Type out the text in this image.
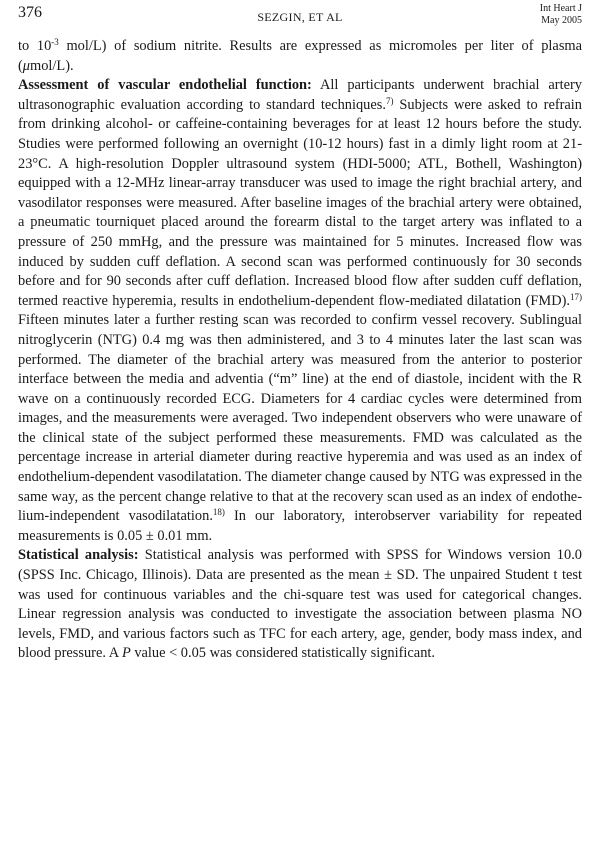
376	SEZGIN, ET AL
Int Heart J
May 2005

to $10^{-3}$ mol/L) of sodium nitrite. Results are expressed as micromoles per liter of plasma (μmol/L).

Assessment of vascular endothelial function: All participants underwent brachial artery ultrasonographic evaluation according to standard techniques.$^{7)}$ Subjects were asked to refrain from drinking alcohol- or caffeine-containing beverages for at least 12 hours before the study. Studies were performed following an overnight (10-12 hours) fast in a dimly light room at 21-23°C. A high-resolution Doppler ultrasound system (HDI-5000; ATL, Bothell, Washington) equipped with a 12-MHz linear-array transducer was used to image the right brachial artery, and vasodilator responses were measured. After baseline images of the brachial artery were obtained, a pneumatic tourniquet placed around the forearm distal to the target artery was inflated to a pressure of 250 mmHg, and the pressure was maintained for 5 minutes. Increased flow was induced by sudden cuff deflation. A second scan was performed continuously for 30 seconds before and for 90 seconds after cuff deflation. Increased blood flow after sudden cuff deflation, termed reactive hyperemia, results in endothelium-dependent flow-mediated dilatation (FMD).$^{17)}$ Fifteen minutes later a further resting scan was recorded to confirm vessel recovery. Sublingual nitroglycerin (NTG) 0.4 mg was then administered, and 3 to 4 minutes later the last scan was performed. The diameter of the brachial artery was measured from the anterior to posterior interface between the media and adventia (“m” line) at the end of diastole, incident with the R wave on a continuously recorded ECG. Diameters for 4 cardiac cycles were determined from images, and the measurements were averaged. Two independent observers who were unaware of the clinical state of the subject performed these measurements. FMD was calculated as the percentage increase in arterial diameter during reactive hyperemia and was used as an index of endothelium-dependent vasodilatation. The diameter change caused by NTG was expressed in the same way, as the percent change relative to that at the recovery scan used as an index of endothelium-independent vasodilatation.$^{18)}$ In our laboratory, interobserver variability for repeated measurements is 0.05 ± 0.01 mm.

Statistical analysis: Statistical analysis was performed with SPSS for Windows version 10.0 (SPSS Inc. Chicago, Illinois). Data are presented as the mean ± SD. The unpaired Student t test was used for continuous variables and the chi-square test was used for categorical changes. Linear regression analysis was conducted to investigate the association between plasma NO levels, FMD, and various factors such as TFC for each artery, age, gender, body mass index, and blood pressure. A P value < 0.05 was considered statistically significant.
